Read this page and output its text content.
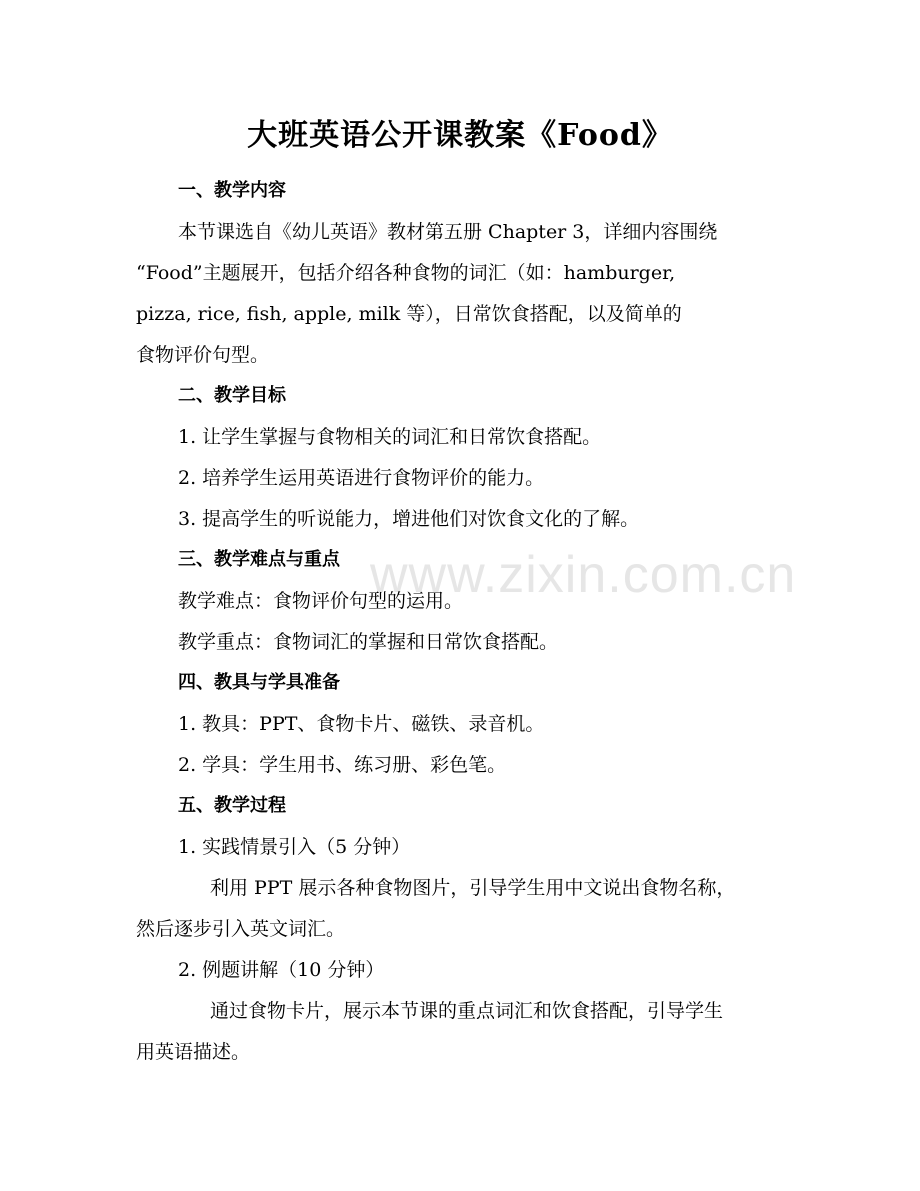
www.zixin.com.cn
大班英语公开课教案《Food》
一、教学内容
本节课选自《幼儿英语》教材第五册 Chapter 3，详细内容围绕
“Food”主题展开，包括介绍各种食物的词汇（如：hamburger,
pizza, rice, fish, apple, milk 等），日常饮食搭配，以及简单的
食物评价句型。
二、教学目标
1. 让学生掌握与食物相关的词汇和日常饮食搭配。
2. 培养学生运用英语进行食物评价的能力。
3. 提高学生的听说能力，增进他们对饮食文化的了解。
三、教学难点与重点
教学难点：食物评价句型的运用。
教学重点：食物词汇的掌握和日常饮食搭配。
四、教具与学具准备
1. 教具：PPT、食物卡片、磁铁、录音机。
2. 学具：学生用书、练习册、彩色笔。
五、教学过程
1. 实践情景引入（5 分钟）
利用 PPT 展示各种食物图片，引导学生用中文说出食物名称，
然后逐步引入英文词汇。
2. 例题讲解（10 分钟）
通过食物卡片，展示本节课的重点词汇和饮食搭配，引导学生
用英语描述。
